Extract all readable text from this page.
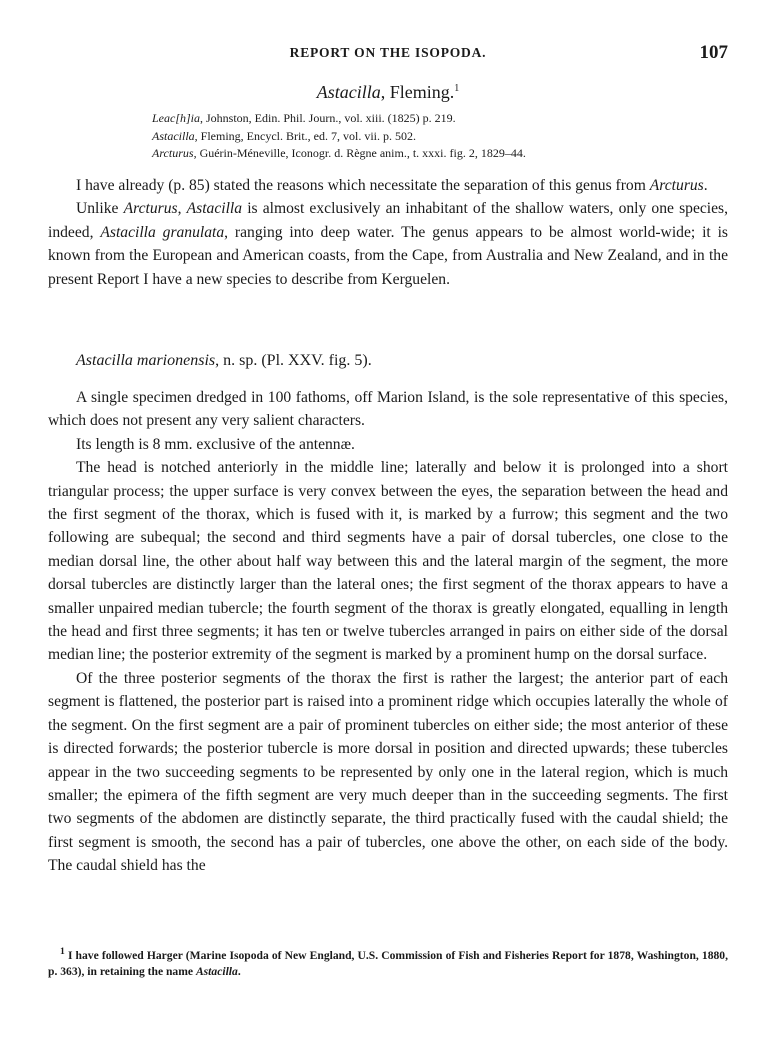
REPORT ON THE ISOPODA.	107
Astacilla, Fleming.$^1$
Leac[h]ia, Johnston, Edin. Phil. Journ., vol. xiii. (1825) p. 219.
Astacilla, Fleming, Encycl. Brit., ed. 7, vol. vii. p. 502.
Arcturus, Guérin-Méneville, Iconogr. d. Règne anim., t. xxxi. fig. 2, 1829–44.

I have already (p. 85) stated the reasons which necessitate the separation of this genus from Arcturus.

Unlike Arcturus, Astacilla is almost exclusively an inhabitant of the shallow waters, only one species, indeed, Astacilla granulata, ranging into deep water. The genus appears to be almost world-wide; it is known from the European and American coasts, from the Cape, from Australia and New Zealand, and in the present Report I have a new species to describe from Kerguelen.

Astacilla marionensis, n. sp. (Pl. XXV. fig. 5).

A single specimen dredged in 100 fathoms, off Marion Island, is the sole representative of this species, which does not present any very salient characters.

Its length is 8 mm. exclusive of the antennæ.

The head is notched anteriorly in the middle line; laterally and below it is prolonged into a short triangular process; the upper surface is very convex between the eyes, the separation between the head and the first segment of the thorax, which is fused with it, is marked by a furrow; this segment and the two following are subequal; the second and third segments have a pair of dorsal tubercles, one close to the median dorsal line, the other about half way between this and the lateral margin of the segment, the more dorsal tubercles are distinctly larger than the lateral ones; the first segment of the thorax appears to have a smaller unpaired median tubercle; the fourth segment of the thorax is greatly elongated, equalling in length the head and first three segments; it has ten or twelve tubercles arranged in pairs on either side of the dorsal median line; the posterior extremity of the segment is marked by a prominent hump on the dorsal surface.

Of the three posterior segments of the thorax the first is rather the largest; the anterior part of each segment is flattened, the posterior part is raised into a prominent ridge which occupies laterally the whole of the segment. On the first segment are a pair of prominent tubercles on either side; the most anterior of these is directed forwards; the posterior tubercle is more dorsal in position and directed upwards; these tubercles appear in the two succeeding segments to be represented by only one in the lateral region, which is much smaller; the epimera of the fifth segment are very much deeper than in the succeeding segments. The first two segments of the abdomen are distinctly separate, the third practically fused with the caudal shield; the first segment is smooth, the second has a pair of tubercles, one above the other, on each side of the body. The caudal shield has the

$^1$ I have followed Harger (Marine Isopoda of New England, U.S. Commission of Fish and Fisheries Report for 1878, Washington, 1880, p. 363), in retaining the name Astacilla.
